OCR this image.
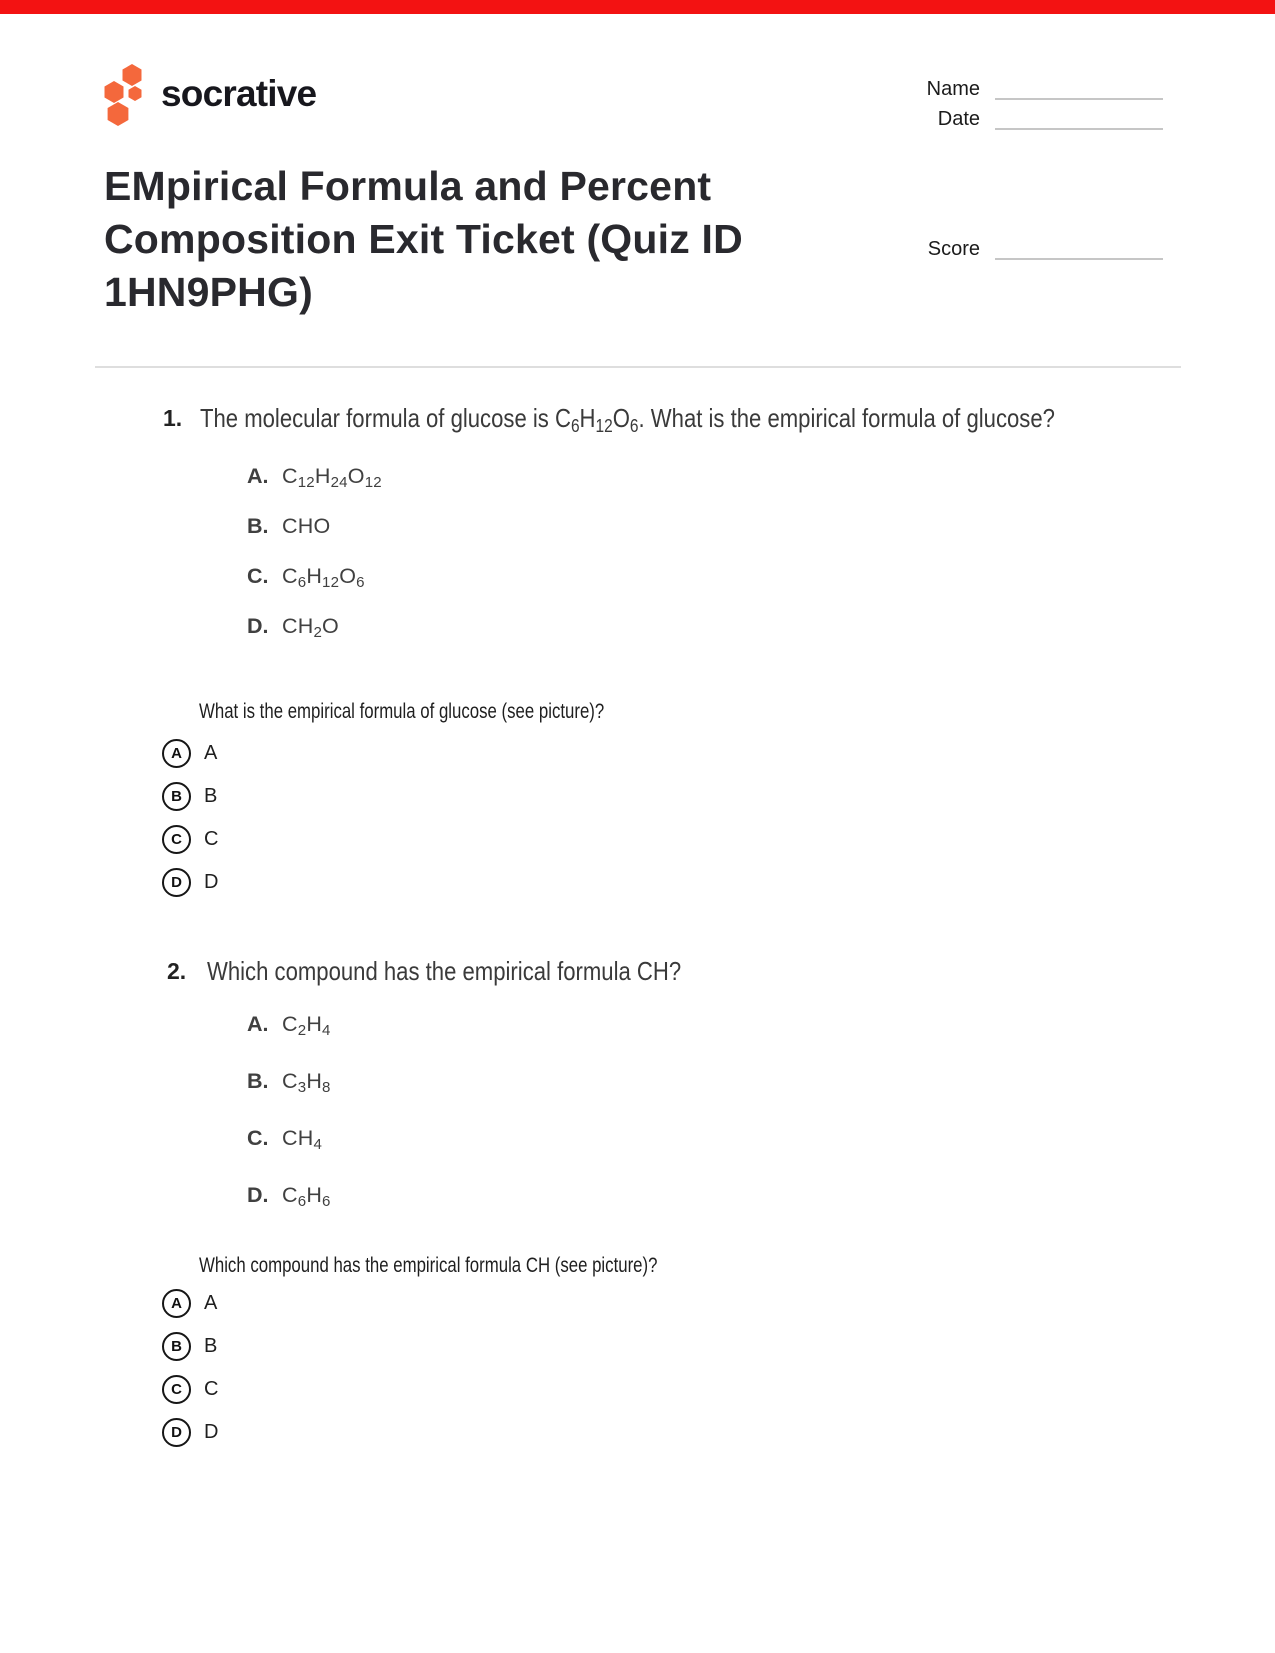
socrative	Name
Date
Score
EMpirical Formula and Percent
Composition Exit Ticket (Quiz ID
1HN9PHG)
1. The molecular formula of glucose is $C_6H_{12}O_6$. What is the empirical formula of glucose?
A. $C_{12}H_{24}O_{12}$
B. CHO
C. $C_6H_{12}O_6$
D. $CH_2O$
What is the empirical formula of glucose (see picture)?
A	A
B	B
C	C
D	D
2. Which compound has the empirical formula CH?
A. $C_2H_4$
B. $C_3H_8$
C. $CH_4$
D. $C_6H_6$
Which compound has the empirical formula CH (see picture)?
A	A
B	B
C	C
D	D
